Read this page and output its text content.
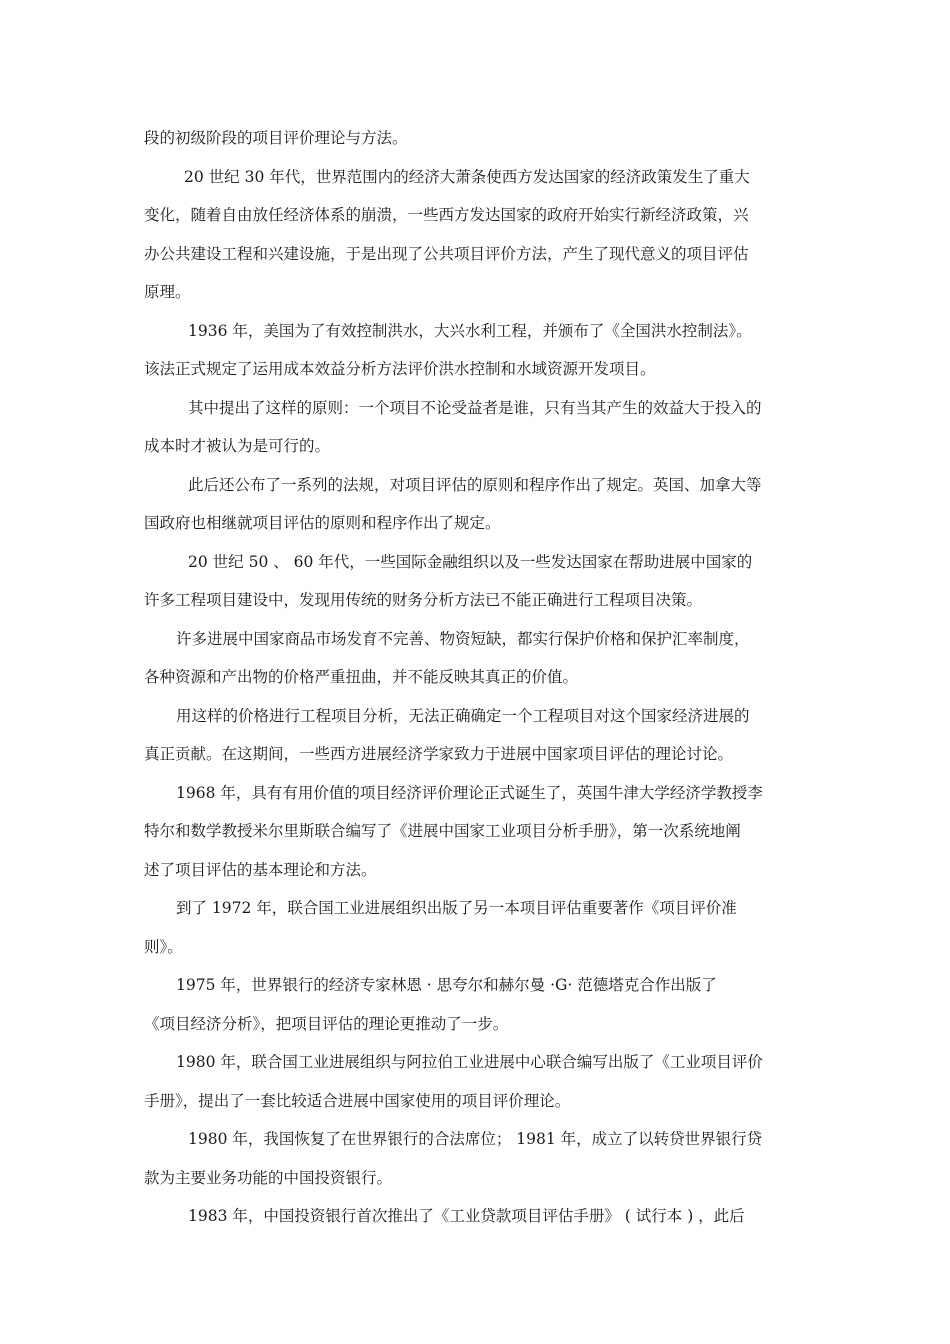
段的初级阶段的项目评价理论与方法。
20 世纪 30 年代，世界范围内的经济大萧条使西方发达国家的经济政策发生了重大
变化，随着自由放任经济体系的崩溃，一些西方发达国家的政府开始实行新经济政策，兴
办公共建设工程和兴建设施，于是出现了公共项目评价方法，产生了现代意义的项目评估
原理。
1936 年，美国为了有效控制洪水，大兴水利工程，并颁布了《全国洪水控制法》。
该法正式规定了运用成本效益分析方法评价洪水控制和水域资源开发项目。
其中提出了这样的原则：一个项目不论受益者是谁，只有当其产生的效益大于投入的
成本时才被认为是可行的。
此后还公布了一系列的法规，对项目评估的原则和程序作出了规定。英国、加拿大等
国政府也相继就项目评估的原则和程序作出了规定。
20 世纪 50 、 60 年代，一些国际金融组织以及一些发达国家在帮助进展中国家的
许多工程项目建设中，发现用传统的财务分析方法已不能正确进行工程项目决策。
许多进展中国家商品市场发育不完善、物资短缺，都实行保护价格和保护汇率制度，
各种资源和产出物的价格严重扭曲，并不能反映其真正的价值。
用这样的价格进行工程项目分析，无法正确确定一个工程项目对这个国家经济进展的
真正贡献。在这期间，一些西方进展经济学家致力于进展中国家项目评估的理论讨论。
1968 年，具有有用价值的项目经济评价理论正式诞生了，英国牛津大学经济学教授李
特尔和数学教授米尔里斯联合编写了《进展中国家工业项目分析手册》，第一次系统地阐
述了项目评估的基本理论和方法。
到了 1972 年，联合国工业进展组织出版了另一本项目评估重要著作《项目评价准
则》。
1975 年，世界银行的经济专家林恩 · 思夸尔和赫尔曼 ·G· 范德塔克合作出版了
《项目经济分析》，把项目评估的理论更推动了一步。
1980 年，联合国工业进展组织与阿拉伯工业进展中心联合编写出版了《工业项目评价
手册》，提出了一套比较适合进展中国家使用的项目评价理论。
1980 年，我国恢复了在世界银行的合法席位； 1981 年，成立了以转贷世界银行贷
款为主要业务功能的中国投资银行。
1983 年，中国投资银行首次推出了《工业贷款项目评估手册》 ( 试行本 ) ，此后
